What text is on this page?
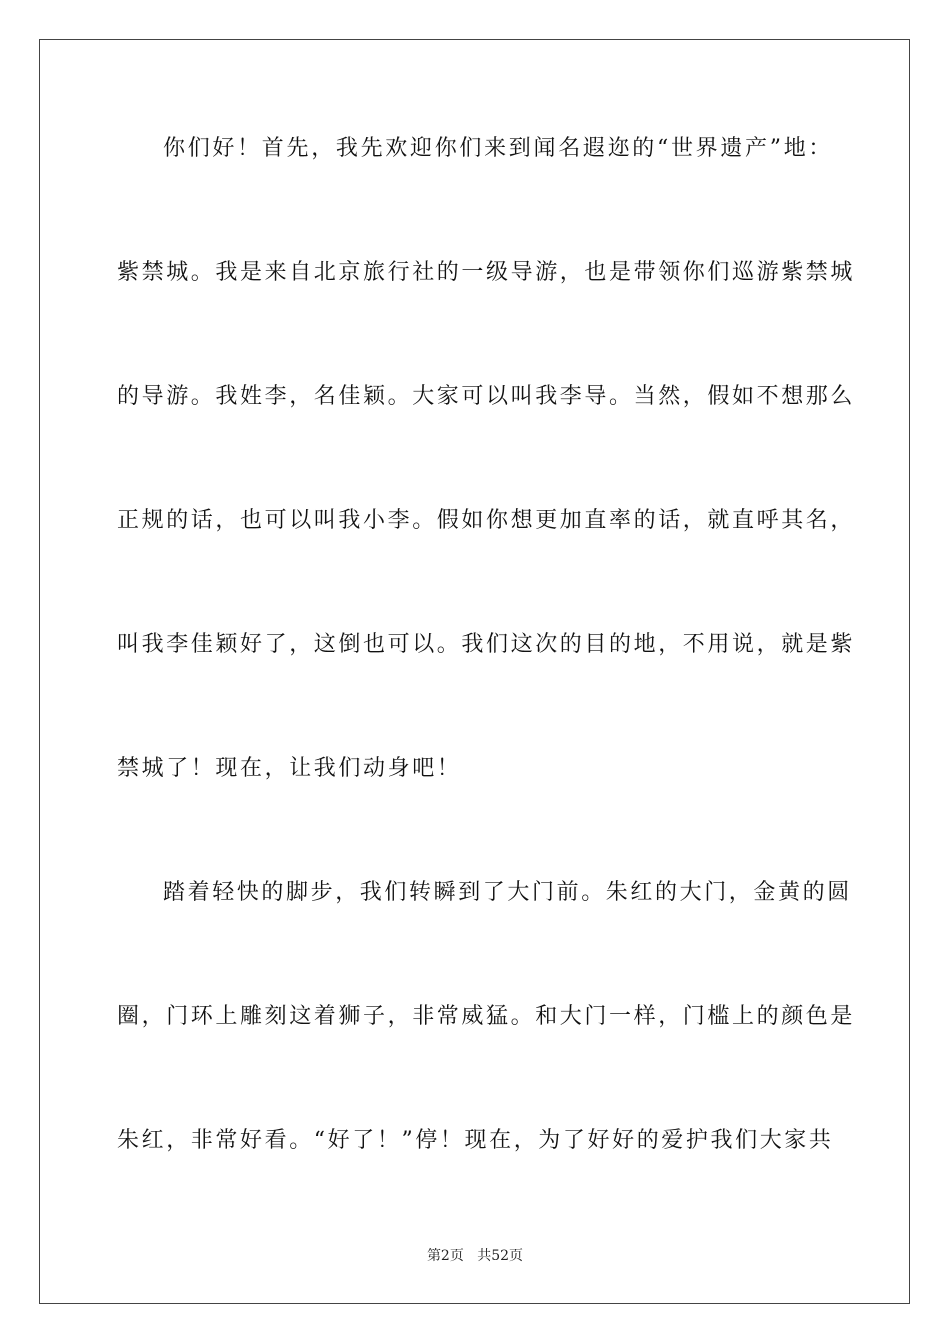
你们好！首先，我先欢迎你们来到闻名遐迩的“世界遗产”地：
紫禁城。我是来自北京旅行社的一级导游，也是带领你们巡游紫禁城
的导游。我姓李，名佳颖。大家可以叫我李导。当然，假如不想那么
正规的话，也可以叫我小李。假如你想更加直率的话，就直呼其名，
叫我李佳颖好了，这倒也可以。我们这次的目的地，不用说，就是紫
禁城了！现在，让我们动身吧！
踏着轻快的脚步，我们转瞬到了大门前。朱红的大门，金黄的圆
圈，门环上雕刻这着狮子，非常威猛。和大门一样，门槛上的颜色是
朱红，非常好看。“好了！”停！现在，为了好好的爱护我们大家共
第2页 共52页
